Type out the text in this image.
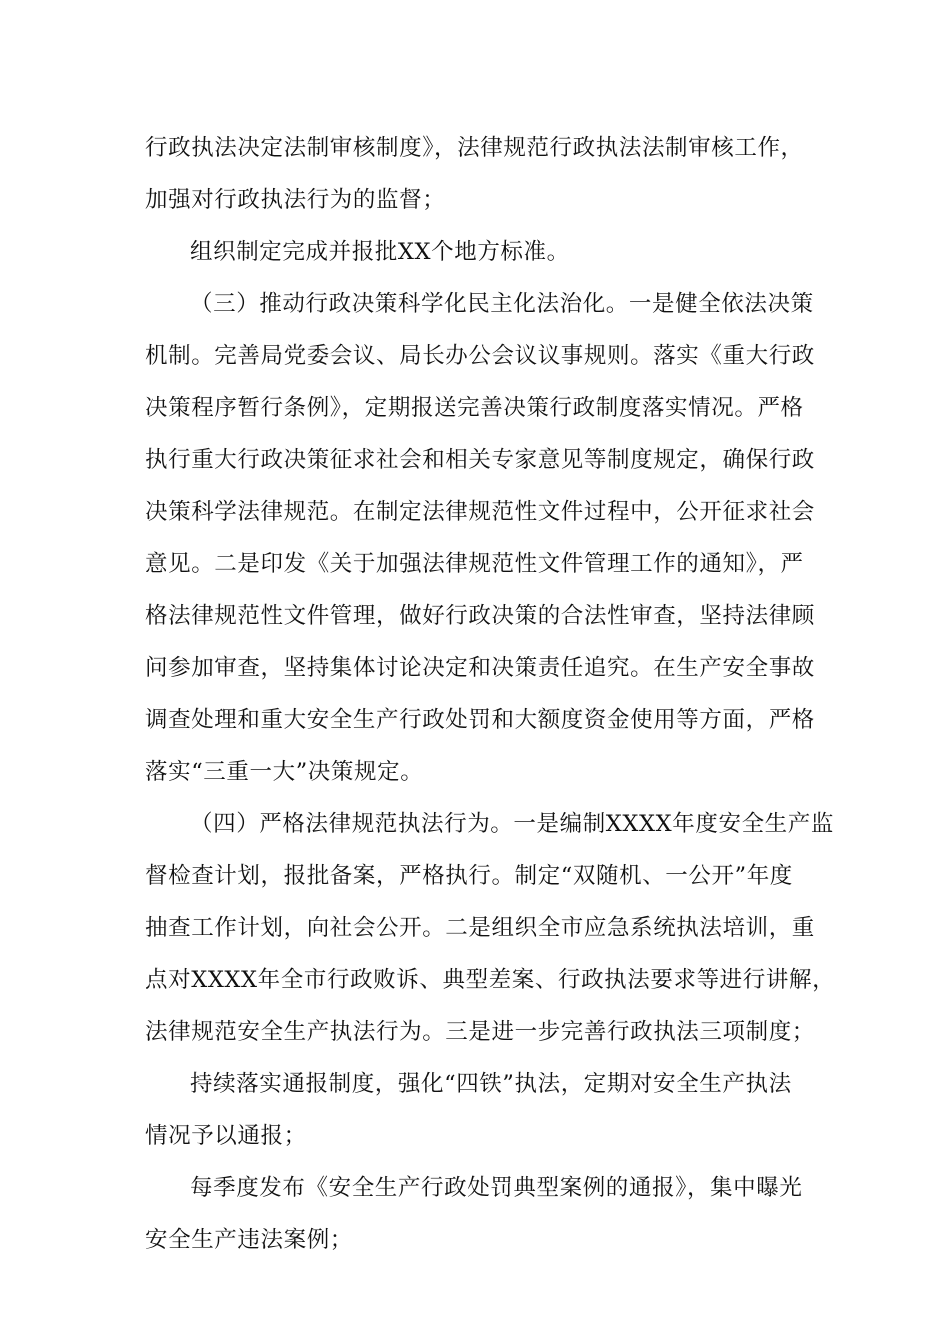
行政执法决定法制审核制度》，法律规范行政执法法制审核工作，
加强对行政执法行为的监督；
组织制定完成并报批XX个地方标准。
（三）推动行政决策科学化民主化法治化。一是健全依法决策
机制。完善局党委会议、局长办公会议议事规则。落实《重大行政
决策程序暂行条例》，定期报送完善决策行政制度落实情况。严格
执行重大行政决策征求社会和相关专家意见等制度规定，确保行政
决策科学法律规范。在制定法律规范性文件过程中，公开征求社会
意见。二是印发《关于加强法律规范性文件管理工作的通知》，严
格法律规范性文件管理，做好行政决策的合法性审查，坚持法律顾
问参加审查，坚持集体讨论决定和决策责任追究。在生产安全事故
调查处理和重大安全生产行政处罚和大额度资金使用等方面，严格
落实“三重一大”决策规定。
（四）严格法律规范执法行为。一是编制XXXX年度安全生产监
督检查计划，报批备案，严格执行。制定“双随机、一公开”年度
抽查工作计划，向社会公开。二是组织全市应急系统执法培训，重
点对XXXX年全市行政败诉、典型差案、行政执法要求等进行讲解，
法律规范安全生产执法行为。三是进一步完善行政执法三项制度；
持续落实通报制度，强化“四铁”执法，定期对安全生产执法
情况予以通报；
每季度发布《安全生产行政处罚典型案例的通报》，集中曝光
安全生产违法案例；
